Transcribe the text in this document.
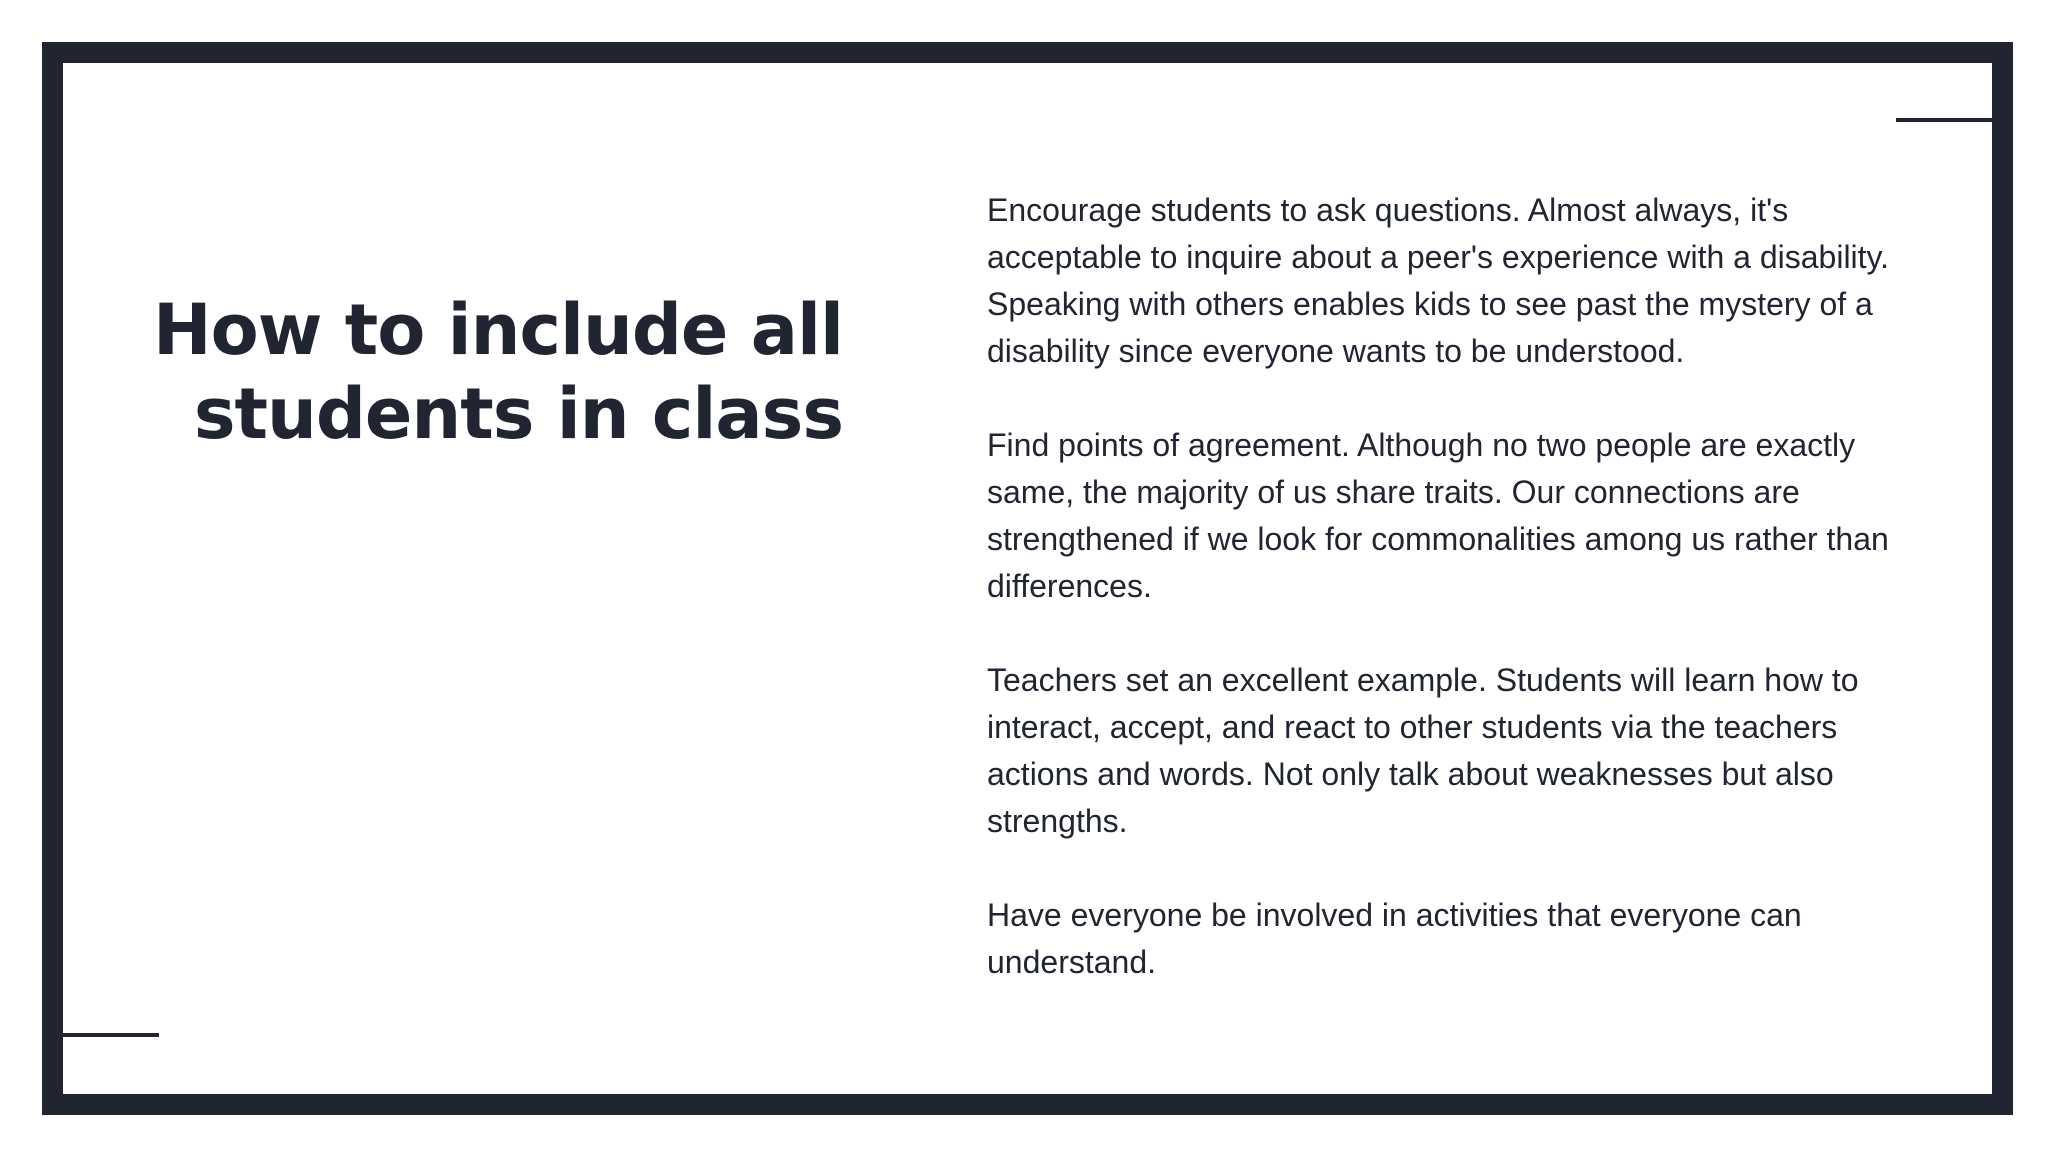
How to include all students in class

Encourage students to ask questions. Almost always, it's acceptable to inquire about a peer's experience with a disability. Speaking with others enables kids to see past the mystery of a disability since everyone wants to be understood.

Find points of agreement. Although no two people are exactly same, the majority of us share traits. Our connections are strengthened if we look for commonalities among us rather than differences.

Teachers set an excellent example. Students will learn how to interact, accept, and react to other students via the teachers actions and words. Not only talk about weaknesses but also strengths.

Have everyone be involved in activities that everyone can understand.
